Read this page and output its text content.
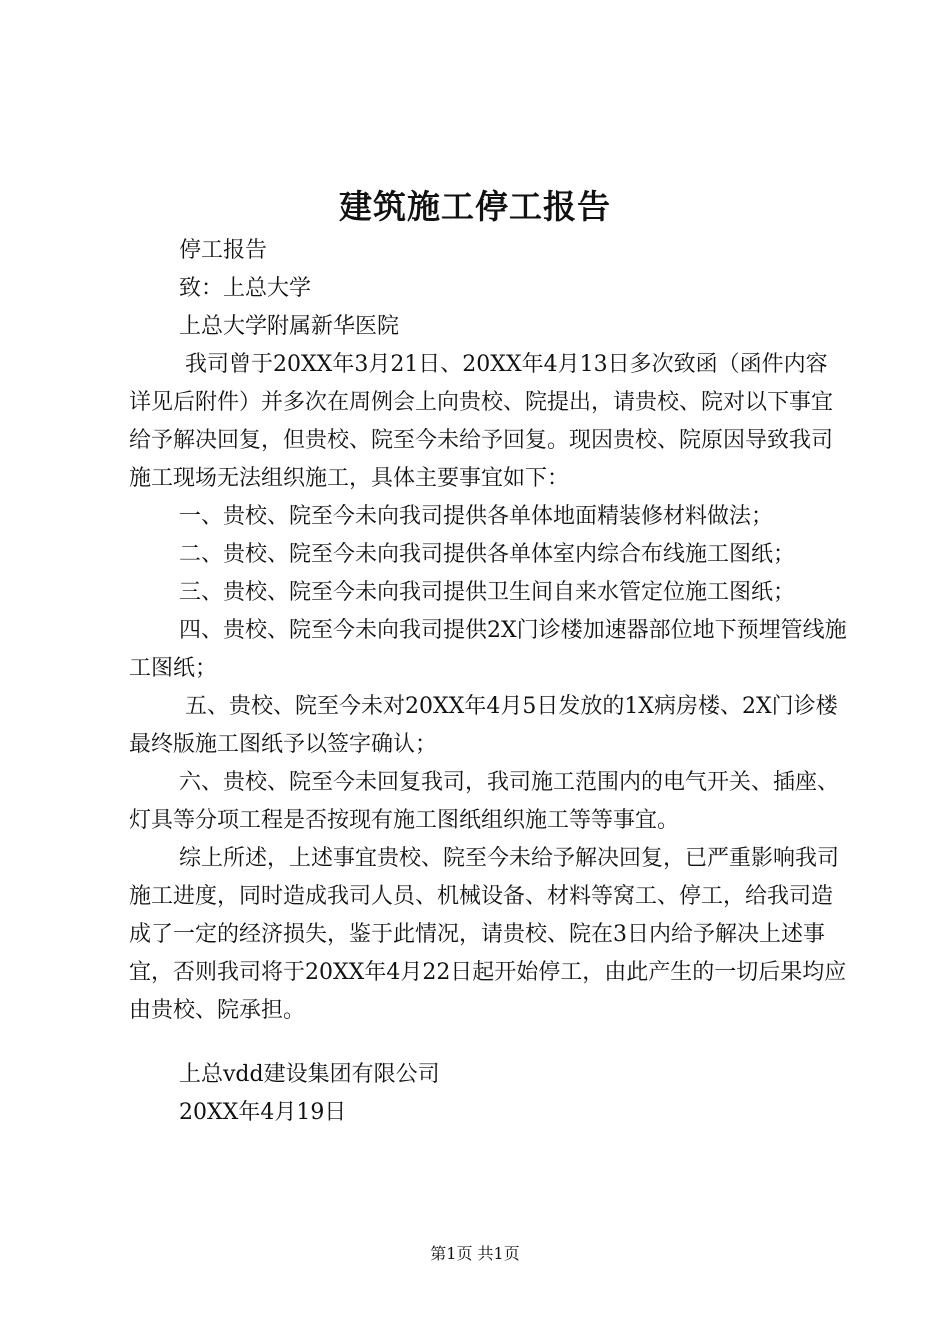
建筑施工停工报告

停工报告

致：上总大学

上总大学附属新华医院

我司曾于20XX年3月21日、20XX年4月13日多次致函（函件内容详见后附件）并多次在周例会上向贵校、院提出，请贵校、院对以下事宜给予解决回复，但贵校、院至今未给予回复。现因贵校、院原因导致我司施工现场无法组织施工，具体主要事宜如下：

一、贵校、院至今未向我司提供各单体地面精装修材料做法；

二、贵校、院至今未向我司提供各单体室内综合布线施工图纸；

三、贵校、院至今未向我司提供卫生间自来水管定位施工图纸；

四、贵校、院至今未向我司提供2X门诊楼加速器部位地下预埋管线施工图纸；

五、贵校、院至今未对20XX年4月5日发放的1X病房楼、2X门诊楼最终版施工图纸予以签字确认；

六、贵校、院至今未回复我司，我司施工范围内的电气开关、插座、灯具等分项工程是否按现有施工图纸组织施工等等事宜。

综上所述，上述事宜贵校、院至今未给予解决回复，已严重影响我司施工进度，同时造成我司人员、机械设备、材料等窝工、停工，给我司造成了一定的经济损失，鉴于此情况，请贵校、院在3日内给予解决上述事宜，否则我司将于20XX年4月22日起开始停工，由此产生的一切后果均应由贵校、院承担。

上总vdd建设集团有限公司

20XX年4月19日

第1页 共1页
